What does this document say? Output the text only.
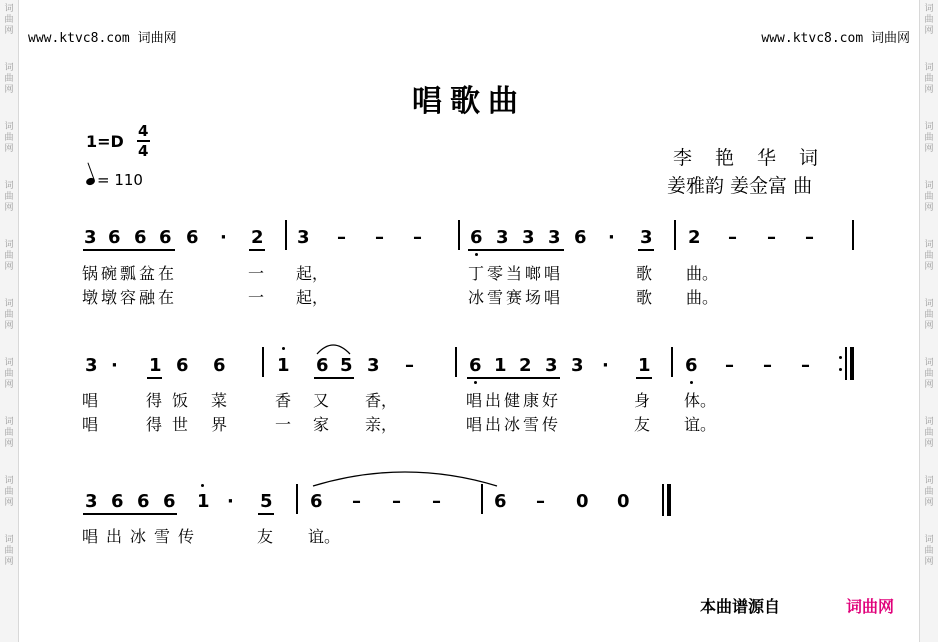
词
曲
网
词
曲
网
词
曲
网
词
曲
网
词
曲
网
词
曲
网
词
曲
网
词
曲
网
词
曲
网
词
曲
网
词
曲
网
词
曲
网
词
曲
网
词
曲
网
词
曲
网
词
曲
网
词
曲
网
词
曲
网
词
曲
网
词
曲
网
www.ktvc8.com 词曲网	www.ktvc8.com 词曲网
唱歌曲
1=D
4
4
= 110
李艳华词
姜雅韵 姜金富 曲
3 6 6 6 6 · 2 3 – – –	6 3 3 3 6 · 3 2 – – –
锅碗瓢盆在	一 起，	丁零当啷唱	歌 曲。
墩墩容融在	一 起，	冰雪赛场唱	歌 曲。
3 · 1 6 6	1 6 5 3 –	6 1 2 3 3 · 1 6 – – –
唱	得饭 菜	香 又 香，	唱出健康好	身 体。
唱	得世 界	一 家 亲，	唱出冰雪传	友 谊。
3 6 6 6 1 · 5 6 – – –	6 – 0 0
唱出冰雪传	友 谊。
本曲谱源自	词曲网
